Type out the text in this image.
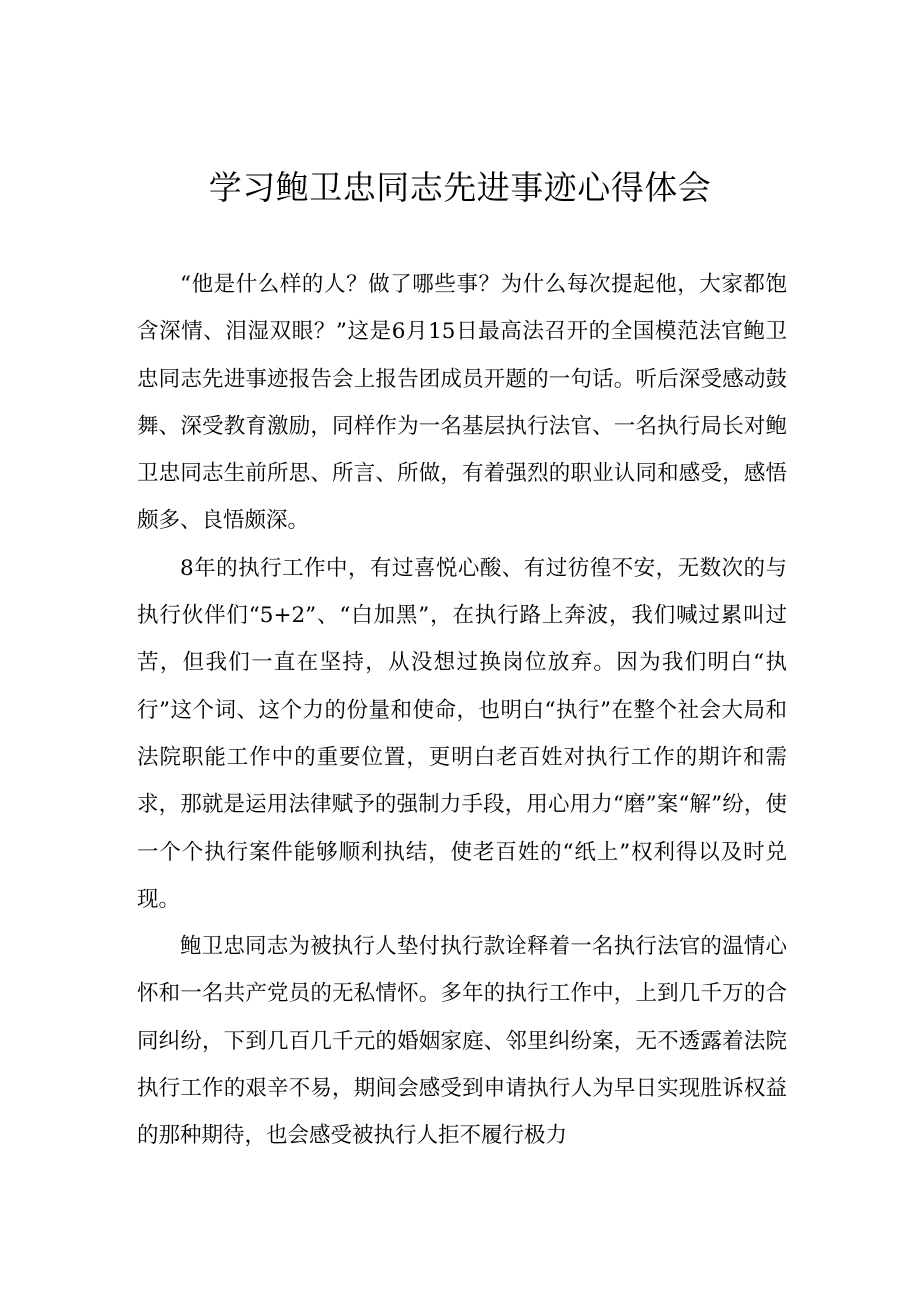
学习鲍卫忠同志先进事迹心得体会

“他是什么样的人？做了哪些事？为什么每次提起他，大家都饱含深情、泪湿双眼？”这是6月15日最高法召开的全国模范法官鲍卫忠同志先进事迹报告会上报告团成员开题的一句话。听后深受感动鼓舞、深受教育激励，同样作为一名基层执行法官、一名执行局长对鲍卫忠同志生前所思、所言、所做，有着强烈的职业认同和感受，感悟颇多、良悟颇深。

8年的执行工作中，有过喜悦心酸、有过彷徨不安，无数次的与执行伙伴们“5+2”、“白加黑”，在执行路上奔波，我们喊过累叫过苦，但我们一直在坚持，从没想过换岗位放弃。因为我们明白“执行”这个词、这个力的份量和使命，也明白“执行”在整个社会大局和法院职能工作中的重要位置，更明白老百姓对执行工作的期许和需求，那就是运用法律赋予的强制力手段，用心用力“磨”案“解”纷，使一个个执行案件能够顺利执结，使老百姓的“纸上”权利得以及时兑现。

鲍卫忠同志为被执行人垫付执行款诠释着一名执行法官的温情心怀和一名共产党员的无私情怀。多年的执行工作中，上到几千万的合同纠纷，下到几百几千元的婚姻家庭、邻里纠纷案，无不透露着法院执行工作的艰辛不易，期间会感受到申请执行人为早日实现胜诉权益的那种期待，也会感受被执行人拒不履行极力
